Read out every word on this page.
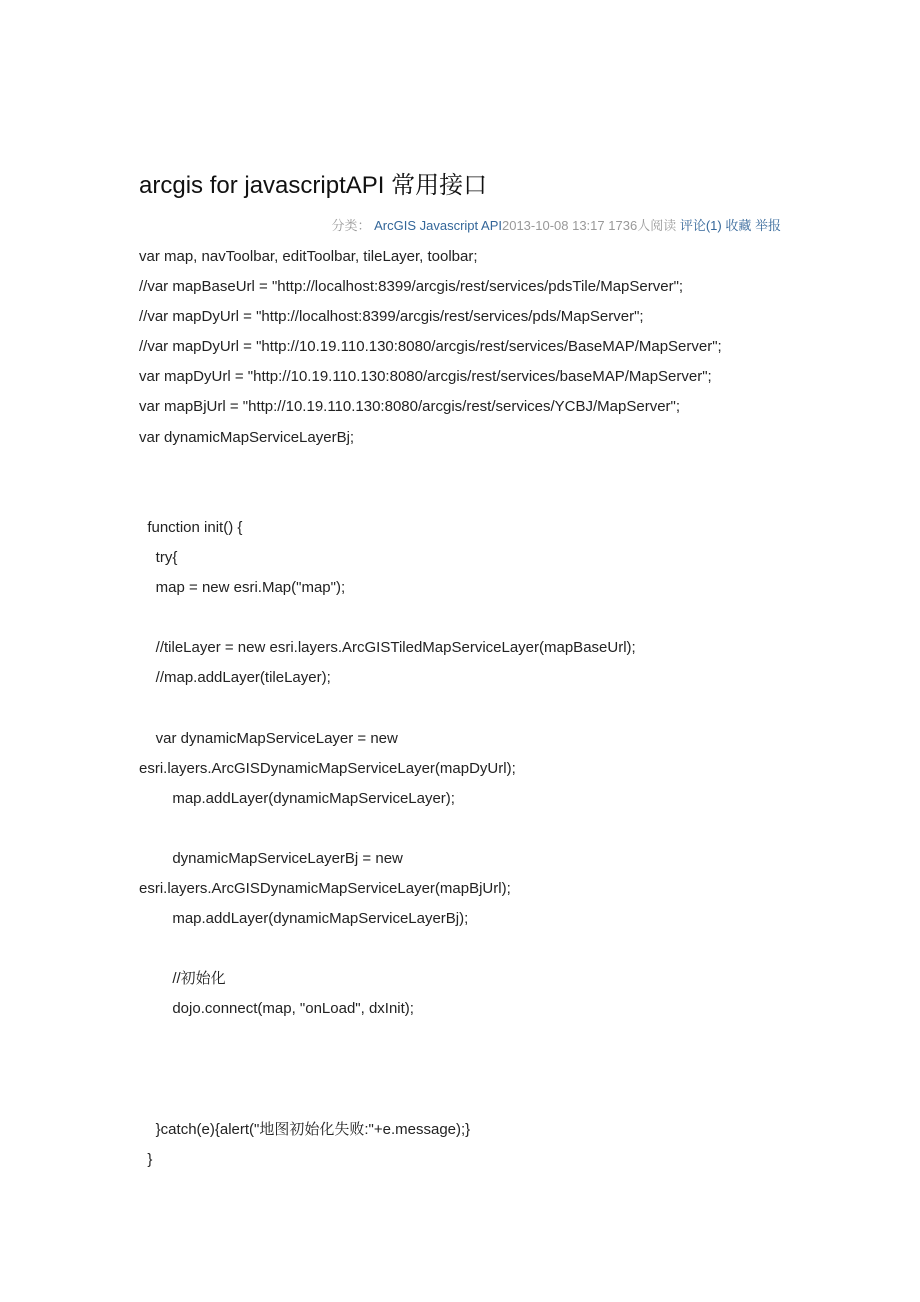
arcgis for javascriptAPI 常用接口
分类： ArcGIS Javascript API2013-10-08 13:17 1736人阅读 评论(1) 收藏 举报
var map, navToolbar, editToolbar, tileLayer, toolbar;
//var mapBaseUrl = "http://localhost:8399/arcgis/rest/services/pdsTile/MapServer";
//var mapDyUrl = "http://localhost:8399/arcgis/rest/services/pds/MapServer";
//var mapDyUrl = "http://10.19.110.130:8080/arcgis/rest/services/BaseMAP/MapServer";
var mapDyUrl = "http://10.19.110.130:8080/arcgis/rest/services/baseMAP/MapServer";
var mapBjUrl = "http://10.19.110.130:8080/arcgis/rest/services/YCBJ/MapServer";
var dynamicMapServiceLayerBj;
function init() {
try{
map = new esri.Map("map");
//tileLayer = new esri.layers.ArcGISTiledMapServiceLayer(mapBaseUrl);
//map.addLayer(tileLayer);
var dynamicMapServiceLayer = new
esri.layers.ArcGISDynamicMapServiceLayer(mapDyUrl);
map.addLayer(dynamicMapServiceLayer);
dynamicMapServiceLayerBj = new
esri.layers.ArcGISDynamicMapServiceLayer(mapBjUrl);
map.addLayer(dynamicMapServiceLayerBj);
//初始化
dojo.connect(map, "onLoad", dxInit);
}catch(e){alert("地图初始化失败:"+e.message);}
}
